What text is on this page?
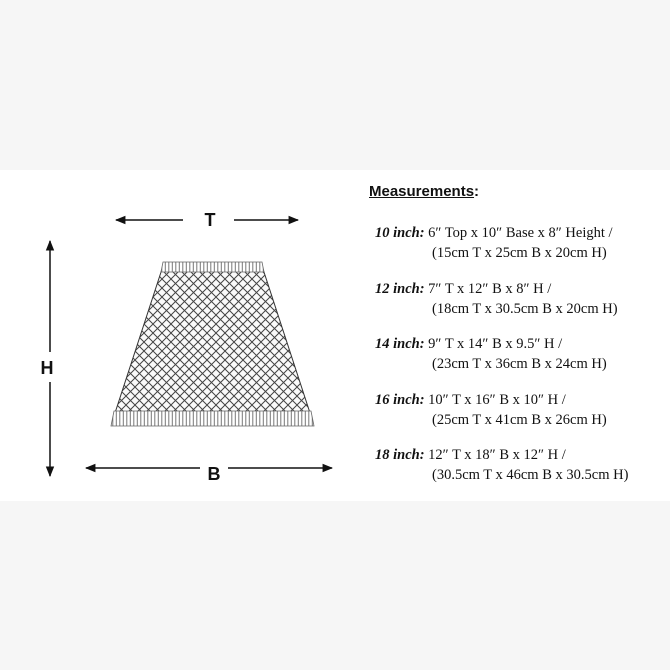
T
H
B
Measurements:
10 inch: 6″ Top x 10″ Base x 8″ Height /
(15cm T x 25cm B x 20cm H)
12 inch: 7″ T x 12″ B x 8″ H /
(18cm T x 30.5cm B x 20cm H)
14 inch: 9″ T x 14″ B x 9.5″ H /
(23cm T x 36cm B x 24cm H)
16 inch: 10″ T x 16″ B x 10″ H /
(25cm T x 41cm B x 26cm H)
18 inch: 12″ T x 18″ B x 12″ H /
(30.5cm T x 46cm B x 30.5cm H)
